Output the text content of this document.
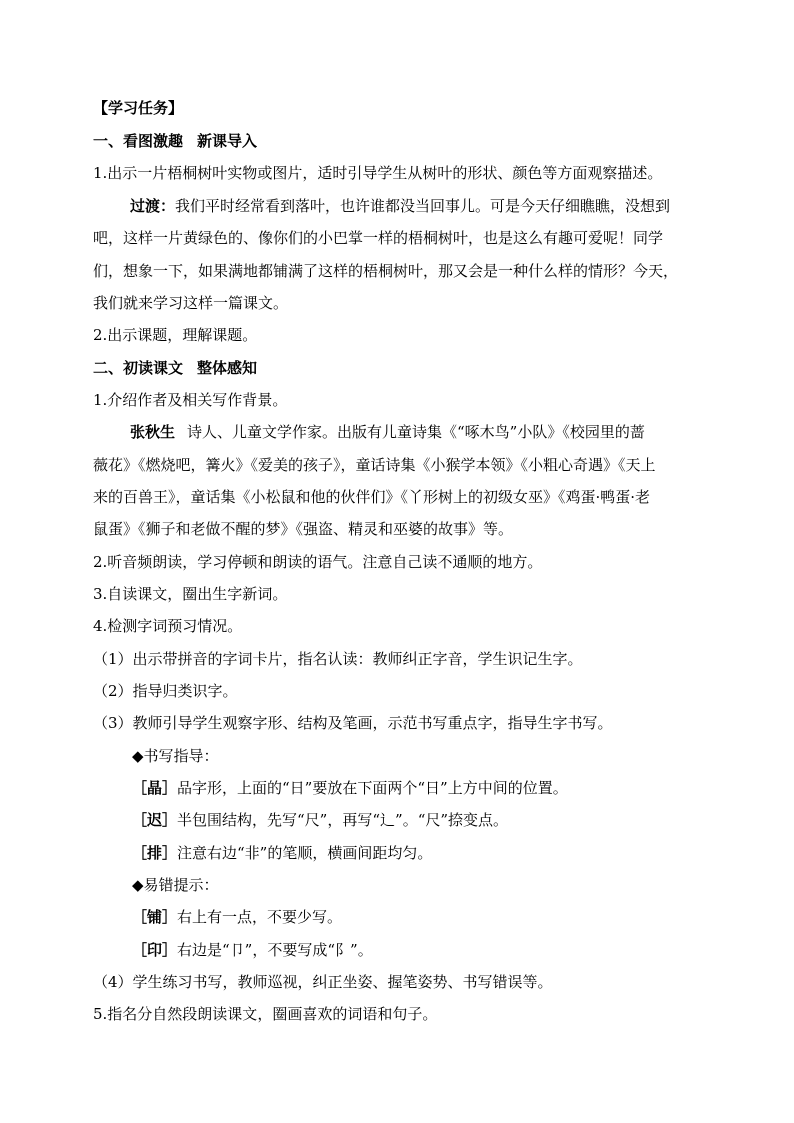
【学习任务】
一、看图激趣 新课导入
1.出示一片梧桐树叶实物或图片，适时引导学生从树叶的形状、颜色等方面观察描述。
过渡：我们平时经常看到落叶，也许谁都没当回事儿。可是今天仔细瞧瞧，没想到
吧，这样一片黄绿色的、像你们的小巴掌一样的梧桐树叶，也是这么有趣可爱呢！同学
们，想象一下，如果满地都铺满了这样的梧桐树叶，那又会是一种什么样的情形？今天，
我们就来学习这样一篇课文。
2.出示课题，理解课题。
二、初读课文 整体感知
1.介绍作者及相关写作背景。
张秋生 诗人、儿童文学作家。出版有儿童诗集《“啄木鸟”小队》《校园里的蔷
薇花》《燃烧吧，篝火》《爱美的孩子》，童话诗集《小猴学本领》《小粗心奇遇》《天上
来的百兽王》，童话集《小松鼠和他的伙伴们》《丫形树上的初级女巫》《鸡蛋·鸭蛋·老
鼠蛋》《狮子和老做不醒的梦》《强盗、精灵和巫婆的故事》等。
2.听音频朗读，学习停顿和朗读的语气。注意自己读不通顺的地方。
3.自读课文，圈出生字新词。
4.检测字词预习情况。
（1）出示带拼音的字词卡片，指名认读：教师纠正字音，学生识记生字。
（2）指导归类识字。
（3）教师引导学生观察字形、结构及笔画，示范书写重点字，指导生字书写。
◆书写指导：
［晶］品字形，上面的“日”要放在下面两个“日”上方中间的位置。
［迟］半包围结构，先写“尺”，再写“辶”。“尺”捺变点。
［排］注意右边“非”的笔顺，横画间距均匀。
◆易错提示：
［铺］右上有一点，不要少写。
［印］右边是“卩”，不要写成“阝”。
（4）学生练习书写，教师巡视，纠正坐姿、握笔姿势、书写错误等。
5.指名分自然段朗读课文，圈画喜欢的词语和句子。
